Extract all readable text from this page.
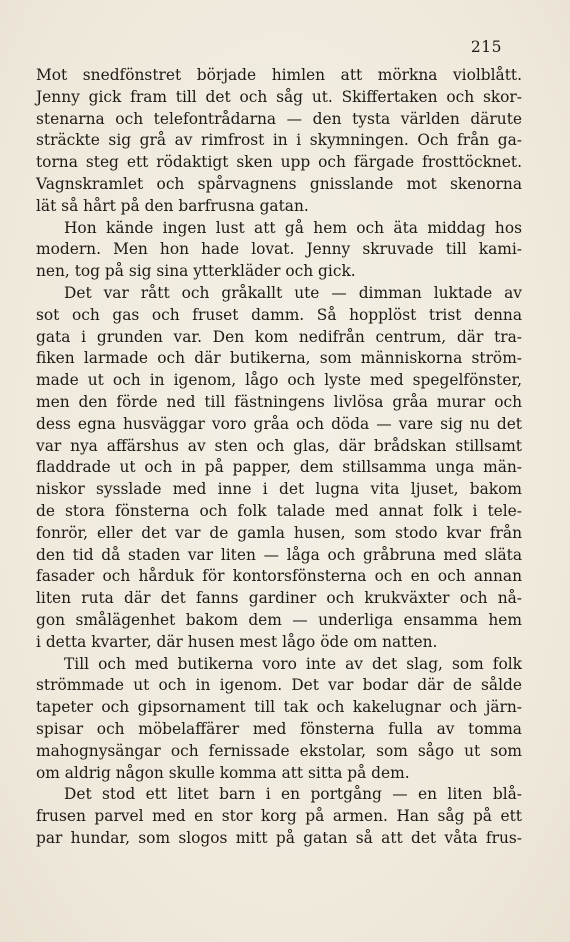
215
Mot snedfönstret började himlen att mörkna violblått.
Jenny gick fram till det och såg ut. Skiffertaken och skor-
stenarna och telefontrådarna — den tysta världen därute
sträckte sig grå av rimfrost in i skymningen. Och från ga-
torna steg ett rödaktigt sken upp och färgade frosttöcknet.
Vagnskramlet och spårvagnens gnisslande mot skenorna
lät så hårt på den barfrusna gatan.
Hon kände ingen lust att gå hem och äta middag hos
modern. Men hon hade lovat. Jenny skruvade till kami-
nen, tog på sig sina ytterkläder och gick.
Det var rått och gråkallt ute — dimman luktade av
sot och gas och fruset damm. Så hopplöst trist denna
gata i grunden var. Den kom nedifrån centrum, där tra-
fiken larmade och där butikerna, som människorna ström-
made ut och in igenom, lågo och lyste med spegelfönster,
men den förde ned till fästningens livlösa gråa murar och
dess egna husväggar voro gråa och döda — vare sig nu det
var nya affärshus av sten och glas, där brådskan stillsamt
fladdrade ut och in på papper, dem stillsamma unga män-
niskor sysslade med inne i det lugna vita ljuset, bakom
de stora fönsterna och folk talade med annat folk i tele-
fonrör, eller det var de gamla husen, som stodo kvar från
den tid då staden var liten — låga och gråbruna med släta
fasader och hårduk för kontorsfönsterna och en och annan
liten ruta där det fanns gardiner och krukväxter och nå-
gon smålägenhet bakom dem — underliga ensamma hem
i detta kvarter, där husen mest lågo öde om natten.
Till och med butikerna voro inte av det slag, som folk
strömmade ut och in igenom. Det var bodar där de sålde
tapeter och gipsornament till tak och kakelugnar och järn-
spisar och möbelaffärer med fönsterna fulla av tomma
mahognysängar och fernissade ekstolar, som sågo ut som
om aldrig någon skulle komma att sitta på dem.
Det stod ett litet barn i en portgång — en liten blå-
frusen parvel med en stor korg på armen. Han såg på ett
par hundar, som slogos mitt på gatan så att det våta frus-
